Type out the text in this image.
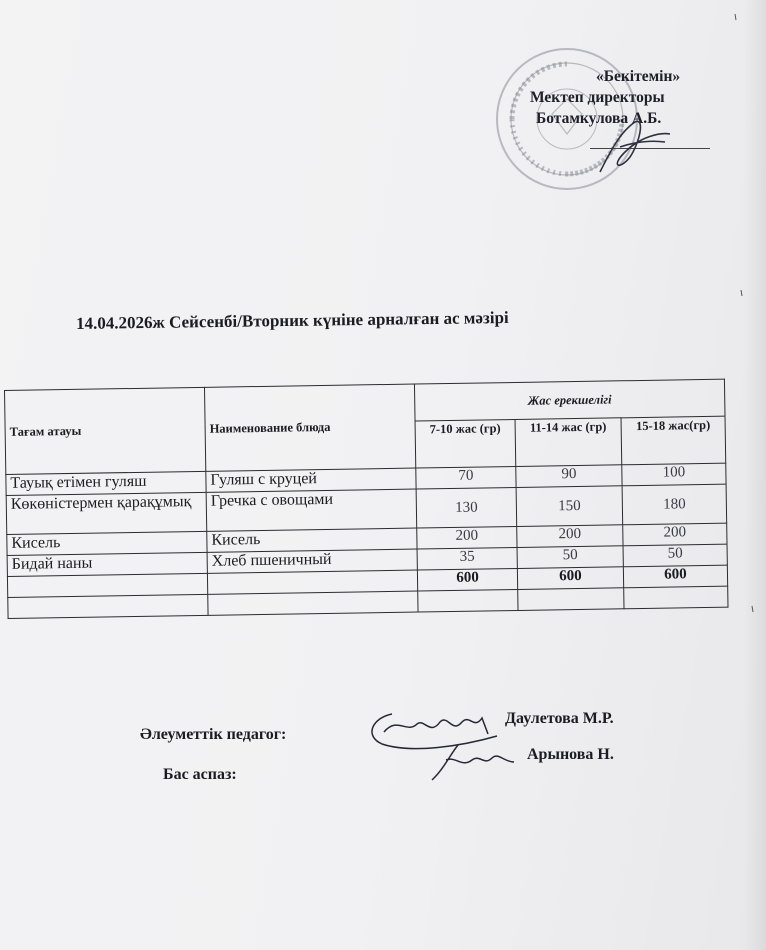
«Бекітемін»
Мектеп директоры
Ботамкулова А.Б.
14.04.2026ж Сейсенбі/Вторник күніне арналған ас мәзірі
Тағам атауы	Наименование блюда	Жас ерекшелігі		
		7-10 жас (гр)	11-14 жас (гр)	15-18 жас(гр)
Тауық етімен гуляш	Гуляш с круцей	70	90	100
Көкөністермен қарақұмық	Гречка с овощами	130	150	180
Кисель	Кисель	200	200	200
Бидай наны	Хлеб пшеничный	35	50	50
		600	600	600

Әлеуметтік педагог:
Бас аспаз:
Даулетова М.Р.
Арынова Н.
